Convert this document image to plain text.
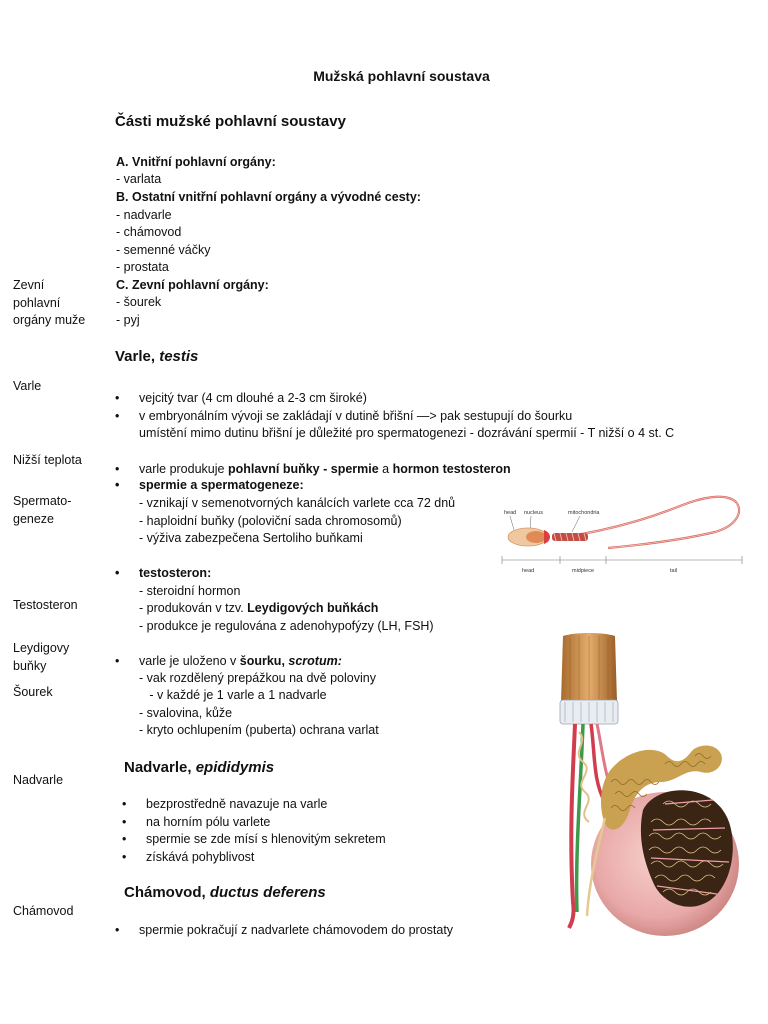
Mužská pohlavní soustava
Části mužské pohlavní soustavy
A. Vnitřní pohlavní orgány:
- varlata
B. Ostatní vnitřní pohlavní orgány a vývodné cesty:
- nadvarle
- chámovod
- semenné váčky
- prostata
C. Zevní pohlavní orgány:
- šourek
- pyj
Zevní
pohlavní
orgány muže
Varle
Nižší teplota
Spermato-
geneze
Testosteron
Leydigovy
buňky
Šourek
Nadvarle
Chámovod
Varle, testis
• vejcitý tvar (4 cm dlouhé a 2-3 cm široké)
• v embryonálním vývoji se zakládají v dutině břišní —> pak sestupují do šourku
umístění mimo dutinu břišní je důležité pro spermatogenezi - dozrávání spermií - T nižší o 4 st. C
• varle produkuje pohlavní buňky - spermie a hormon testosteron
• spermie a spermatogeneze:
- vznikají v semenotvorných kanálcích varlete cca 72 dnů
- haploidní buňky (poloviční sada chromosomů)
- výživa zabezpečena Sertoliho buňkami
• testosteron:
- steroidní hormon
- produkován v tzv. Leydigových buňkách
- produkce je regulována z adenohypofýzy (LH, FSH)
• varle je uloženo v šourku, scrotum:
- vak rozdělený prepážkou na dvě poloviny
- v každé je 1 varle a 1 nadvarle
- svalovina, kůže
- kryto ochlupením (puberta) ochrana varlat
Nadvarle, epididymis
• bezprostředně navazuje na varle
• na horním pólu varlete
• spermie se zde mísí s hlenovitým sekretem
• získává pohyblivost
Chámovod, ductus deferens
• spermie pokračují z nadvarlete chámovodem do prostaty
head nucleus	mitochondria
head	midpiece	tail
